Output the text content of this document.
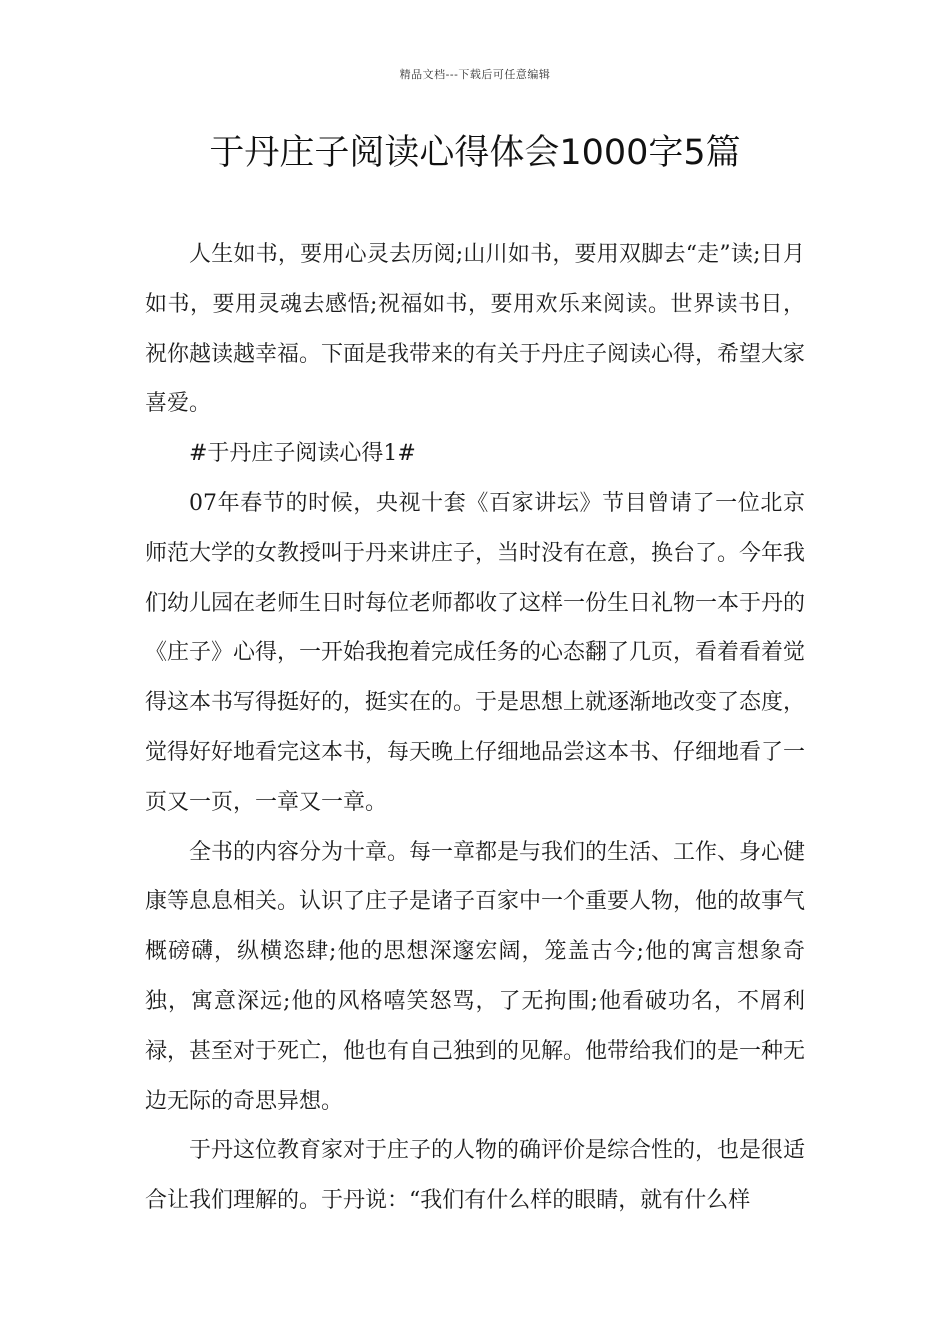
精品文档---下载后可任意编辑
于丹庄子阅读心得体会1000字5篇

人生如书，要用心灵去历阅;山川如书，要用双脚去“走”读;日月如书，要用灵魂去感悟;祝福如书，要用欢乐来阅读。世界读书日，祝你越读越幸福。下面是我带来的有关于丹庄子阅读心得，希望大家喜爱。

#于丹庄子阅读心得1#

07年春节的时候，央视十套《百家讲坛》节目曾请了一位北京师范大学的女教授叫于丹来讲庄子，当时没有在意，换台了。今年我们幼儿园在老师生日时每位老师都收了这样一份生日礼物一本于丹的《庄子》心得，一开始我抱着完成任务的心态翻了几页，看着看着觉得这本书写得挺好的，挺实在的。于是思想上就逐渐地改变了态度，觉得好好地看完这本书，每天晚上仔细地品尝这本书、仔细地看了一页又一页，一章又一章。

全书的内容分为十章。每一章都是与我们的生活、工作、身心健康等息息相关。认识了庄子是诸子百家中一个重要人物，他的故事气概磅礴，纵横恣肆;他的思想深邃宏阔，笼盖古今;他的寓言想象奇独，寓意深远;他的风格嘻笑怒骂，了无拘围;他看破功名，不屑利禄，甚至对于死亡，他也有自己独到的见解。他带给我们的是一种无边无际的奇思异想。

于丹这位教育家对于庄子的人物的确评价是综合性的，也是很适合让我们理解的。于丹说：“我们有什么样的眼睛，就有什么样
